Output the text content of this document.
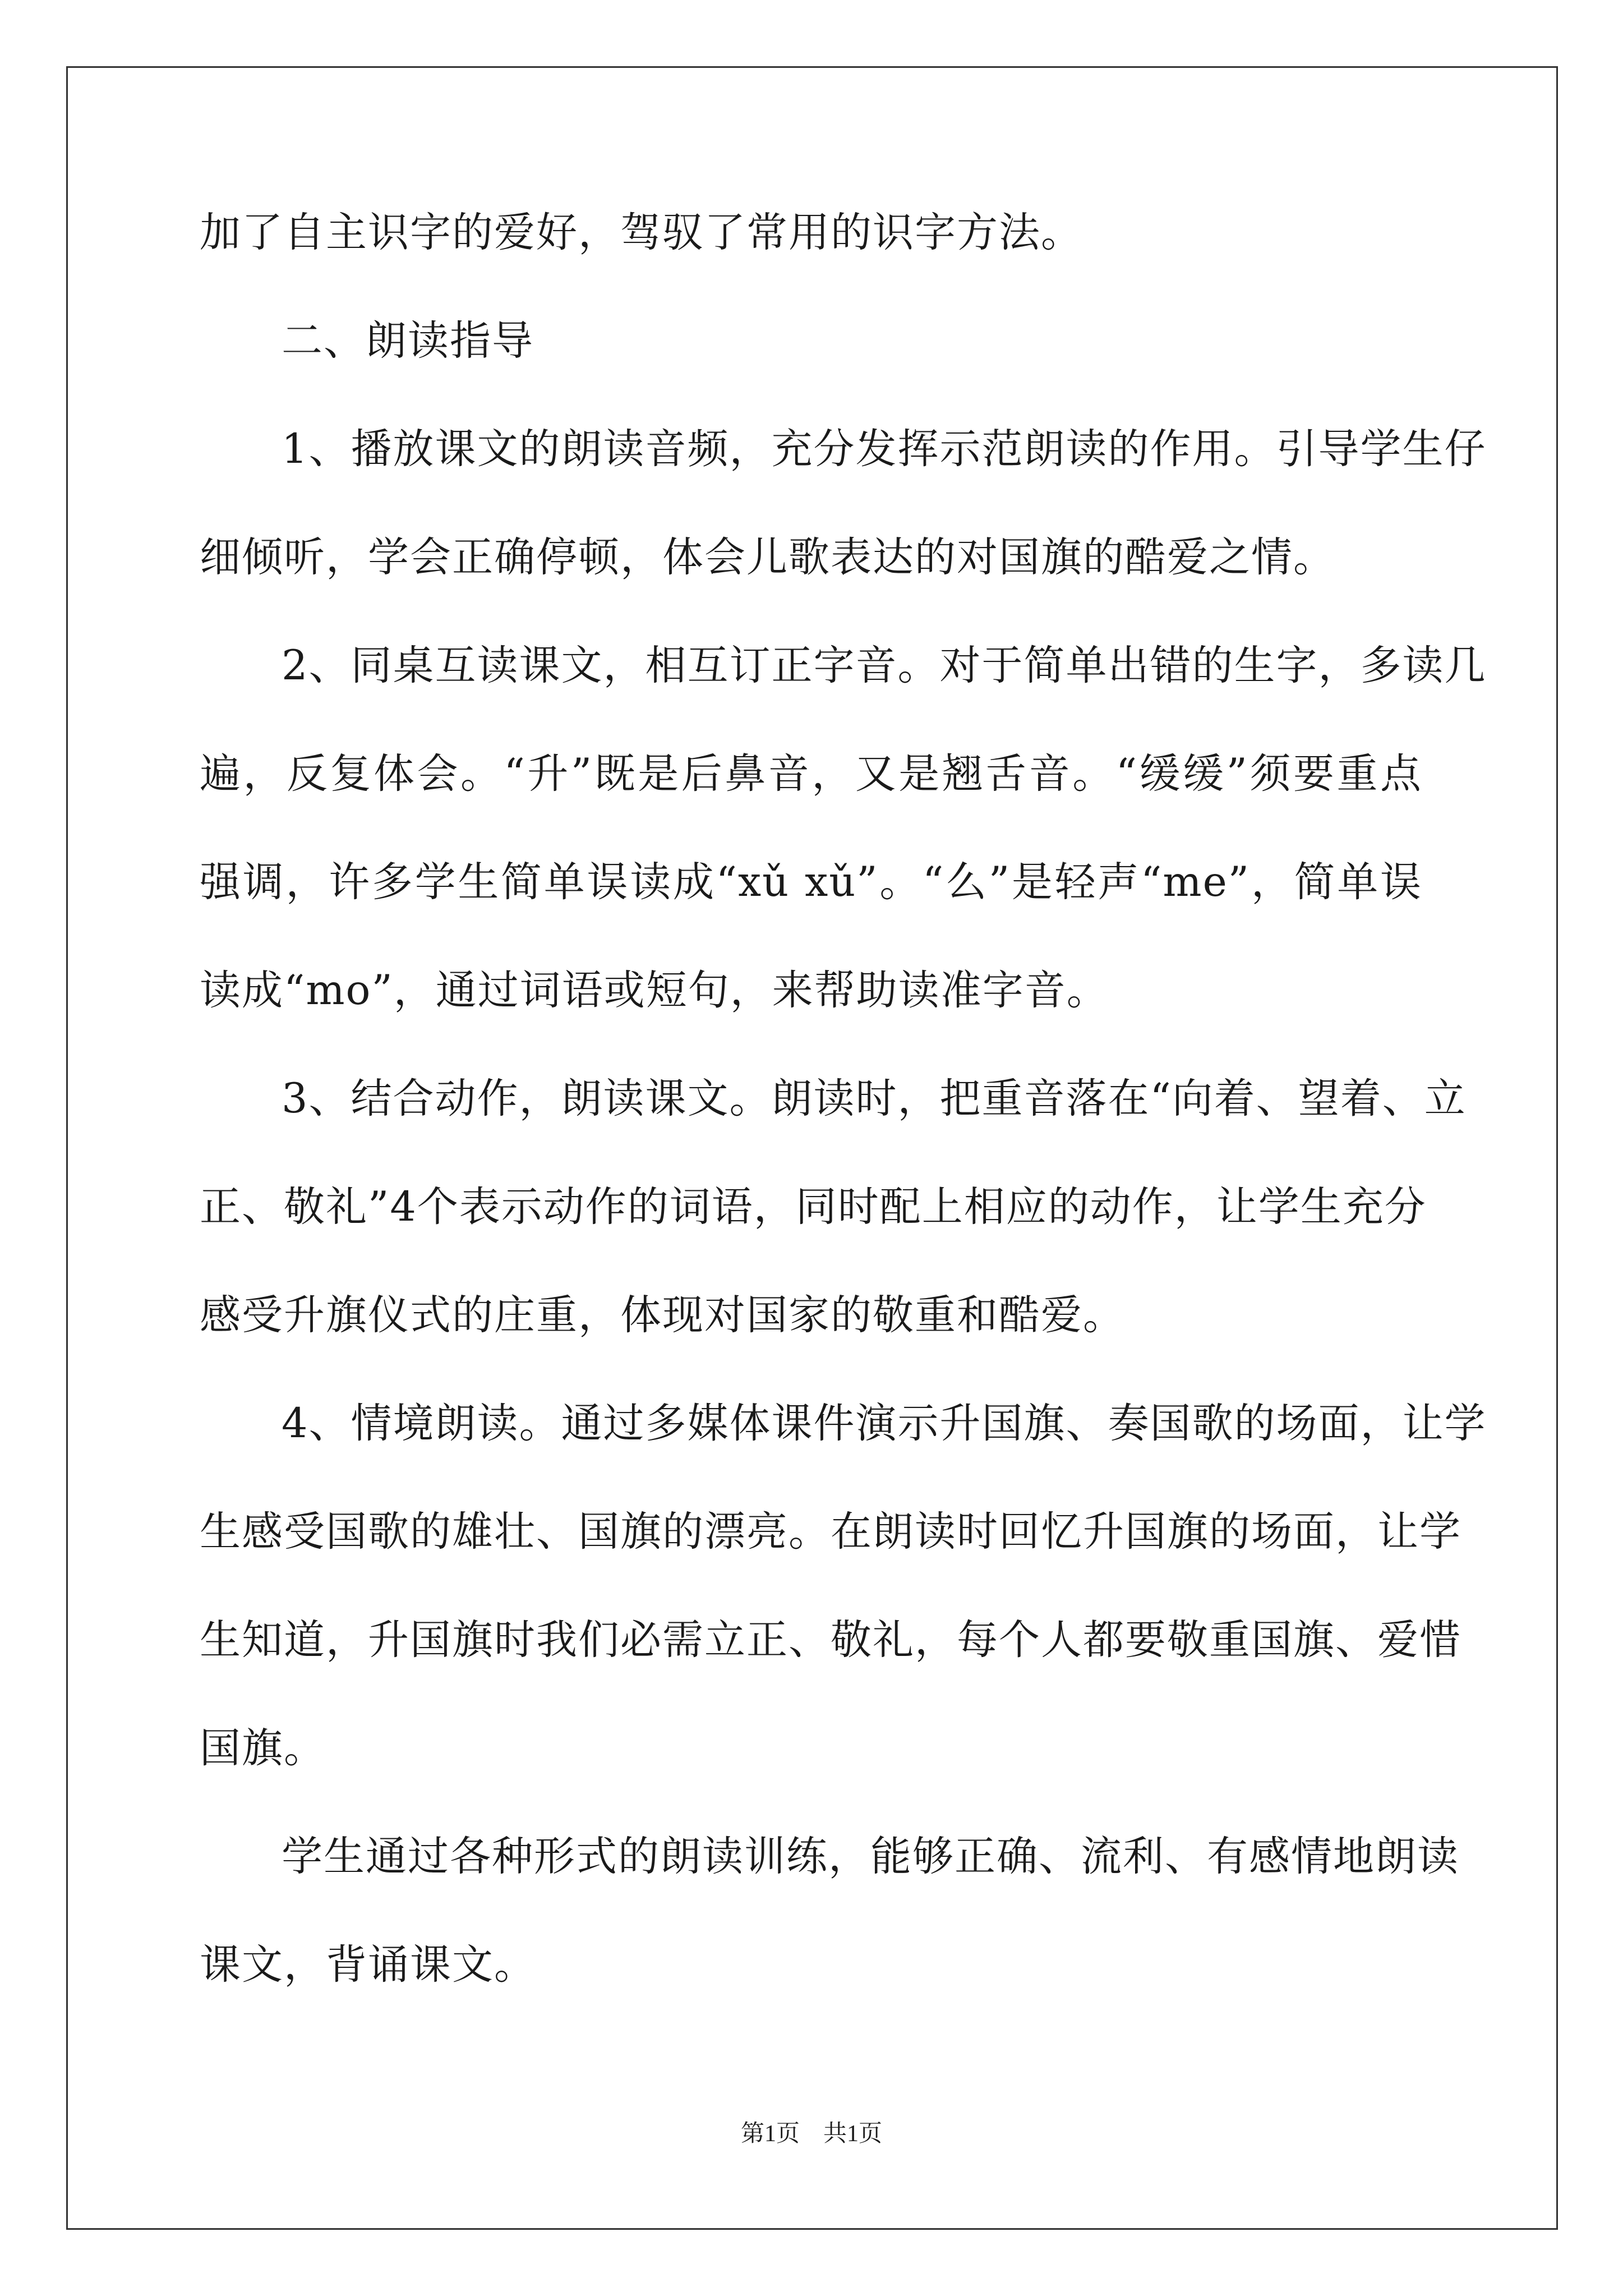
加了自主识字的爱好，驾驭了常用的识字方法。
二、朗读指导
1、播放课文的朗读音频，充分发挥示范朗读的作用。引导学生仔
细倾听，学会正确停顿，体会儿歌表达的对国旗的酷爱之情。
2、同桌互读课文，相互订正字音。对于简单出错的生字，多读几
遍，反复体会。“升”既是后鼻音，又是翘舌音。“缓缓”须要重点
强调，许多学生简单误读成“xǔ xǔ”。“么”是轻声“me”，简单误
读成“mo”，通过词语或短句，来帮助读准字音。
3、结合动作，朗读课文。朗读时，把重音落在“向着、望着、立
正、敬礼”4个表示动作的词语，同时配上相应的动作，让学生充分
感受升旗仪式的庄重，体现对国家的敬重和酷爱。
4、情境朗读。通过多媒体课件演示升国旗、奏国歌的场面，让学
生感受国歌的雄壮、国旗的漂亮。在朗读时回忆升国旗的场面，让学
生知道，升国旗时我们必需立正、敬礼，每个人都要敬重国旗、爱惜
国旗。
学生通过各种形式的朗读训练，能够正确、流利、有感情地朗读
课文，背诵课文。
第1页　共1页
